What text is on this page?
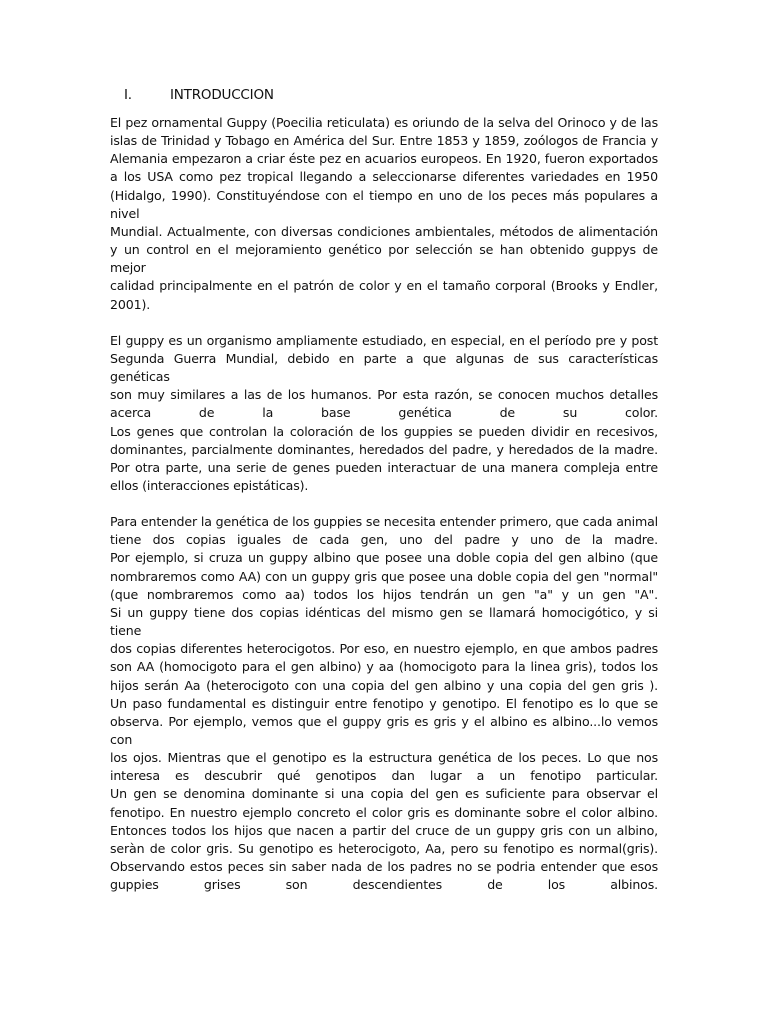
I.	INTRODUCCION

El pez ornamental Guppy (Poecilia reticulata) es oriundo de la selva del Orinoco y de las
islas de Trinidad y Tobago en América del Sur. Entre 1853 y 1859, zoólogos de Francia y
Alemania empezaron a criar éste pez en acuarios europeos. En 1920, fueron exportados
a los USA como pez tropical llegando a seleccionarse diferentes variedades en 1950
(Hidalgo, 1990). Constituyéndose con el tiempo en uno de los peces más populares a nivel
Mundial. Actualmente, con diversas condiciones ambientales, métodos de alimentación
y un control en el mejoramiento genético por selección se han obtenido guppys de mejor
calidad principalmente en el patrón de color y en el tamaño corporal (Brooks y Endler,
2001).

El guppy es un organismo ampliamente estudiado, en especial, en el período pre y post
Segunda Guerra Mundial, debido en parte a que algunas de sus características genéticas
son muy similares a las de los humanos. Por esta razón, se conocen muchos detalles
acerca de la base genética de su color.
Los genes que controlan la coloración de los guppies se pueden dividir en recesivos,
dominantes, parcialmente dominantes, heredados del padre, y heredados de la madre.
Por otra parte, una serie de genes pueden interactuar de una manera compleja entre
ellos (interacciones epistáticas).

Para entender la genética de los guppies se necesita entender primero, que cada animal
tiene dos copias iguales de cada gen, uno del padre y uno de la madre.
Por ejemplo, si cruza un guppy albino que posee una doble copia del gen albino (que
nombraremos como AA) con un guppy gris que posee una doble copia del gen "normal"
(que nombraremos como aa) todos los hijos tendrán un gen "a" y un gen "A".
Si un guppy tiene dos copias idénticas del mismo gen se llamará homocigótico, y si tiene
dos copias diferentes heterocigotos. Por eso, en nuestro ejemplo, en que ambos padres
son AA (homocigoto para el gen albino) y aa (homocigoto para la linea gris), todos los
hijos serán Aa (heterocigoto con una copia del gen albino y una copia del gen gris ).
Un paso fundamental es distinguir entre fenotipo y genotipo. El fenotipo es lo que se
observa. Por ejemplo, vemos que el guppy gris es gris y el albino es albino...lo vemos con
los ojos. Mientras que el genotipo es la estructura genética de los peces. Lo que nos
interesa es descubrir qué genotipos dan lugar a un fenotipo particular.
Un gen se denomina dominante si una copia del gen es suficiente para observar el
fenotipo. En nuestro ejemplo concreto el color gris es dominante sobre el color albino.
Entonces todos los hijos que nacen a partir del cruce de un guppy gris con un albino,
seràn de color gris. Su genotipo es heterocigoto, Aa, pero su fenotipo es normal(gris).
Observando estos peces sin saber nada de los padres no se podria entender que esos
guppies grises son descendientes de los albinos.
